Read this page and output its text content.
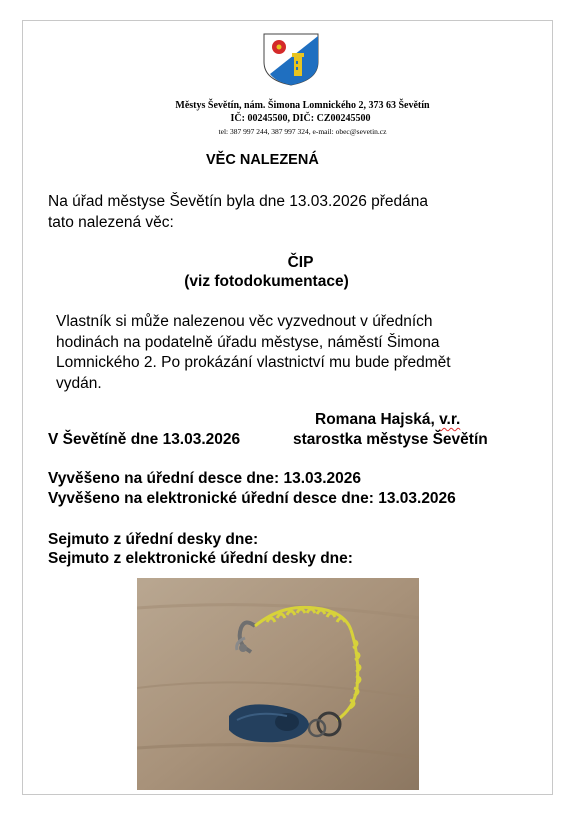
Městys Ševětín, nám. Šimona Lomnického 2, 373 63 Ševětín
IČ: 00245500, DIČ: CZ00245500
tel: 387 997 244, 387 997 324, e-mail: obec@sevetin.cz
VĚC NALEZENÁ
Na úřad městyse Ševětín byla dne 13.03.2026 předána
tato nalezená věc:
ČIP
(viz fotodokumentace)
Vlastník si může nalezenou věc vyzvednout v úředních
hodinách na podatelně úřadu městyse, náměstí Šimona
Lomnického 2. Po prokázání vlastnictví mu bude předmět
vydán.
Romana Hajská, v.r.
V Ševětíně dne 13.03.2026	starostka městyse Ševětín
Vyvěšeno na úřední desce dne: 13.03.2026
Vyvěšeno na elektronické úřední desce dne: 13.03.2026
Sejmuto z úřední desky dne:
Sejmuto z elektronické úřední desky dne:
